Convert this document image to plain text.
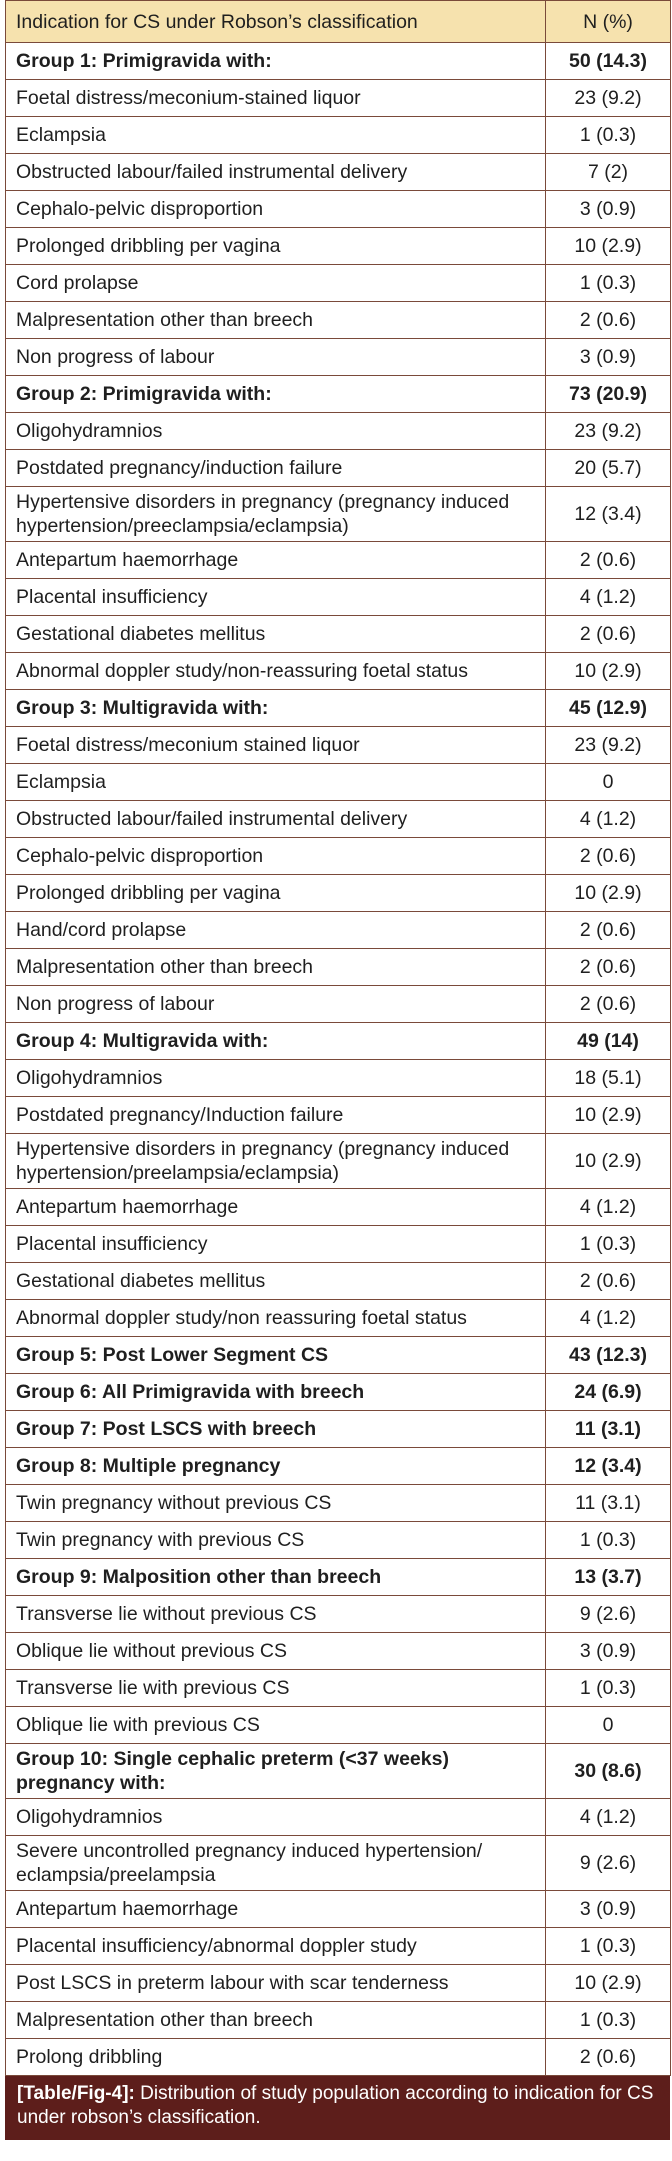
Indication for CS under Robson’s classification	N (%)
Group 1: Primigravida with:	50 (14.3)
Foetal distress/meconium-stained liquor	23 (9.2)
Eclampsia	1 (0.3)
Obstructed labour/failed instrumental delivery	7 (2)
Cephalo-pelvic disproportion	3 (0.9)
Prolonged dribbling per vagina	10 (2.9)
Cord prolapse	1 (0.3)
Malpresentation other than breech	2 (0.6)
Non progress of labour	3 (0.9)
Group 2: Primigravida with:	73 (20.9)
Oligohydramnios	23 (9.2)
Postdated pregnancy/induction failure	20 (5.7)
Hypertensive disorders in pregnancy (pregnancy induced hypertension/preeclampsia/eclampsia)	12 (3.4)
Antepartum haemorrhage	2 (0.6)
Placental insufficiency	4 (1.2)
Gestational diabetes mellitus	2 (0.6)
Abnormal doppler study/non-reassuring foetal status	10 (2.9)
Group 3: Multigravida with:	45 (12.9)
Foetal distress/meconium stained liquor	23 (9.2)
Eclampsia	0
Obstructed labour/failed instrumental delivery	4 (1.2)
Cephalo-pelvic disproportion	2 (0.6)
Prolonged dribbling per vagina	10 (2.9)
Hand/cord prolapse	2 (0.6)
Malpresentation other than breech	2 (0.6)
Non progress of labour	2 (0.6)
Group 4: Multigravida with:	49 (14)
Oligohydramnios	18 (5.1)
Postdated pregnancy/Induction failure	10 (2.9)
Hypertensive disorders in pregnancy (pregnancy induced hypertension/preelampsia/eclampsia)	10 (2.9)
Antepartum haemorrhage	4 (1.2)
Placental insufficiency	1 (0.3)
Gestational diabetes mellitus	2 (0.6)
Abnormal doppler study/non reassuring foetal status	4 (1.2)
Group 5: Post Lower Segment CS	43 (12.3)
Group 6: All Primigravida with breech	24 (6.9)
Group 7: Post LSCS with breech	11 (3.1)
Group 8: Multiple pregnancy	12 (3.4)
Twin pregnancy without previous CS	11 (3.1)
Twin pregnancy with previous CS	1 (0.3)
Group 9: Malposition other than breech	13 (3.7)
Transverse lie without previous CS	9 (2.6)
Oblique lie without previous CS	3 (0.9)
Transverse lie with previous CS	1 (0.3)
Oblique lie with previous CS	0
Group 10: Single cephalic preterm (<37 weeks) pregnancy with:	30 (8.6)
Oligohydramnios	4 (1.2)
Severe uncontrolled pregnancy induced hypertension/ eclampsia/preelampsia	9 (2.6)
Antepartum haemorrhage	3 (0.9)
Placental insufficiency/abnormal doppler study	1 (0.3)
Post LSCS in preterm labour with scar tenderness	10 (2.9)
Malpresentation other than breech	1 (0.3)
Prolong dribbling	2 (0.6)
[Table/Fig-4]: Distribution of study population according to indication for CS under robson’s classification.
